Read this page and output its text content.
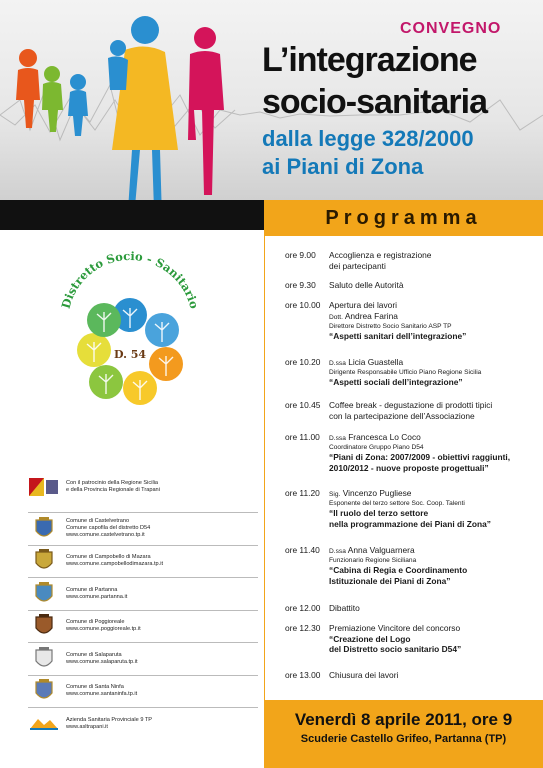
CONVEGNO
L’integrazione
socio-sanitaria
dalla legge 328/2000
ai Piani di Zona
Programma
Distretto Socio - Sanitario
D. 54
Con il patrocinio della Regione Sicilia
e della Provincia Regionale di Trapani
Comune di Castelvetrano
Comune capofila del distretto D54
www.comune.castelvetrano.tp.it
Comune di Campobello di Mazara
www.comune.campobellodimazara.tp.it
Comune di Partanna
www.comune.partanna.it
Comune di Poggioreale
www.comune.poggioreale.tp.it
Comune di Salaparuta
www.comune.salaparuta.tp.it
Comune di Santa Ninfa
www.comune.santaninfa.tp.it
Azienda Sanitaria Provinciale 9 TP
www.asltrapani.it
ore 9.00	Accoglienza e registrazione
dei partecipanti
ore 9.30	Saluto delle Autorità
ore 10.00	Apertura dei lavori
Dott. Andrea Farina
Direttore Distretto Socio Sanitario ASP TP
“Aspetti sanitari dell’integrazione”
ore 10.20	D.ssa Licia Guastella
Dirigente Responsabile Ufficio Piano Regione Sicilia
“Aspetti sociali dell’integrazione”
ore 10.45	Coffee break - degustazione di prodotti tipici
con la partecipazione dell’Associazione
ore 11.00	D.ssa Francesca Lo Coco
Coordinatore Gruppo Piano D54
“Piani di Zona: 2007/2009 - obiettivi raggiunti,
2010/2012 - nuove proposte progettuali”
ore 11.20	Sig. Vincenzo Pugliese
Esponente del terzo settore Soc. Coop. Talenti
“Il ruolo del terzo settore
nella programmazione dei Piani di Zona”
ore 11.40	D.ssa Anna Valguarnera
Funzionario Regione Siciliana
“Cabina di Regia e Coordinamento
Istituzionale dei Piani di Zona”
ore 12.00	Dibattito
ore 12.30	Premiazione Vincitore del concorso
“Creazione del Logo
del Distretto socio sanitario D54”
ore 13.00	Chiusura dei lavori
Venerdì 8 aprile 2011, ore 9
Scuderie Castello Grifeo, Partanna (TP)
